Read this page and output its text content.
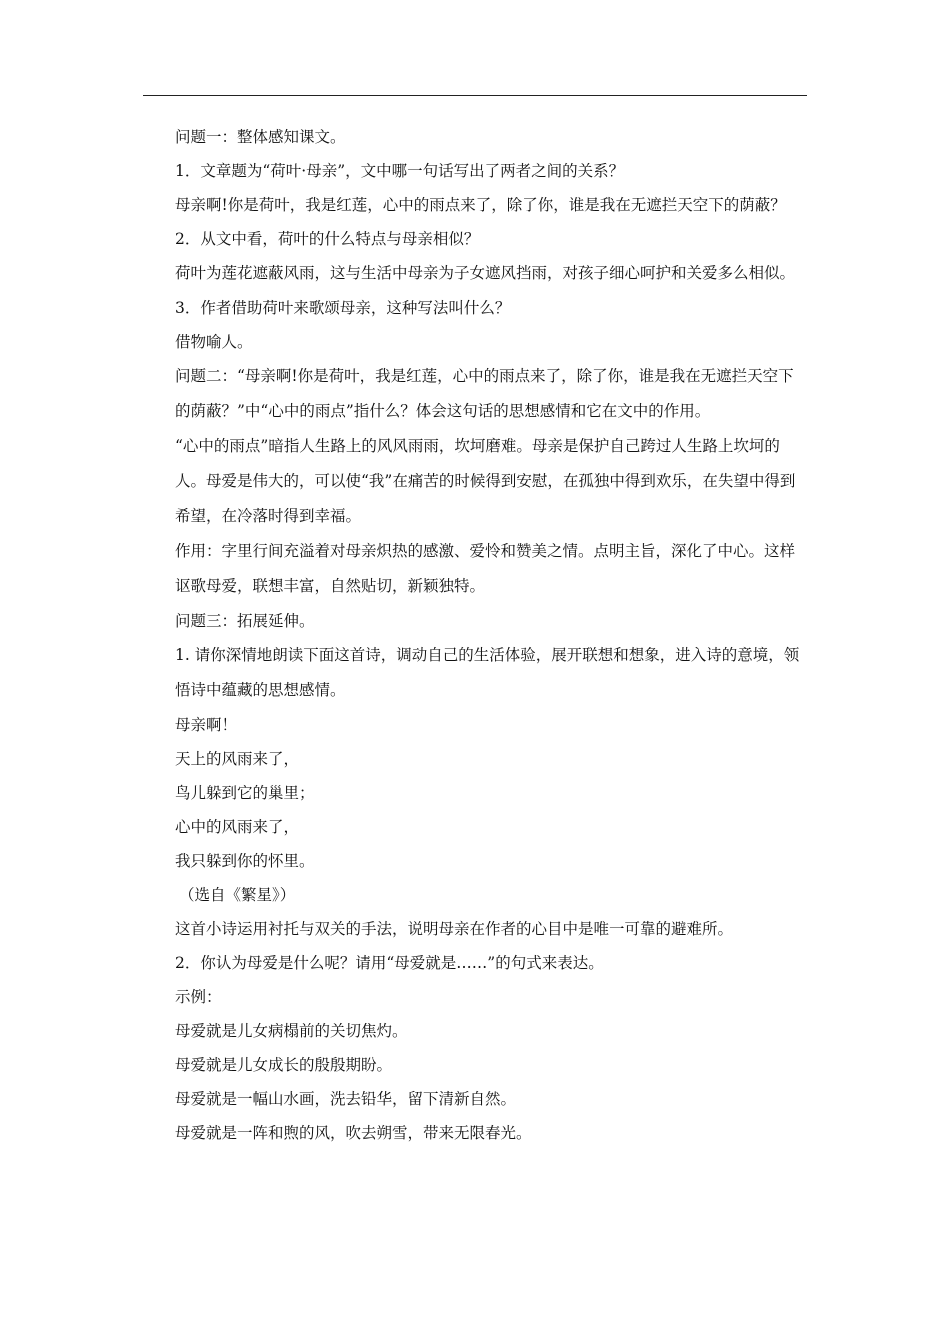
问题一：整体感知课文。

1．文章题为“荷叶·母亲”，文中哪一句话写出了两者之间的关系？

母亲啊!你是荷叶，我是红莲，心中的雨点来了，除了你，谁是我在无遮拦天空下的荫蔽？

2．从文中看，荷叶的什么特点与母亲相似？

荷叶为莲花遮蔽风雨，这与生活中母亲为子女遮风挡雨，对孩子细心呵护和关爱多么相似。

3．作者借助荷叶来歌颂母亲，这种写法叫什么？

借物喻人。

问题二：“母亲啊!你是荷叶，我是红莲，心中的雨点来了，除了你，谁是我在无遮拦天空下的荫蔽？”中“心中的雨点”指什么？体会这句话的思想感情和它在文中的作用。

“心中的雨点”暗指人生路上的风风雨雨，坎坷磨难。母亲是保护自己跨过人生路上坎坷的人。母爱是伟大的，可以使“我”在痛苦的时候得到安慰，在孤独中得到欢乐，在失望中得到希望，在冷落时得到幸福。

作用：字里行间充溢着对母亲炽热的感激、爱怜和赞美之情。点明主旨，深化了中心。这样讴歌母爱，联想丰富，自然贴切，新颖独特。

问题三：拓展延伸。

1. 请你深情地朗读下面这首诗，调动自己的生活体验，展开联想和想象，进入诗的意境，领悟诗中蕴藏的思想感情。

母亲啊！

天上的风雨来了，

鸟儿躲到它的巢里；

心中的风雨来了，

我只躲到你的怀里。

（选自《繁星》）

这首小诗运用衬托与双关的手法，说明母亲在作者的心目中是唯一可靠的避难所。

2．你认为母爱是什么呢？请用“母爱就是……”的句式来表达。

示例：

母爱就是儿女病榻前的关切焦灼。

母爱就是儿女成长的殷殷期盼。

母爱就是一幅山水画，洗去铅华，留下清新自然。

母爱就是一阵和煦的风，吹去朔雪，带来无限春光。
